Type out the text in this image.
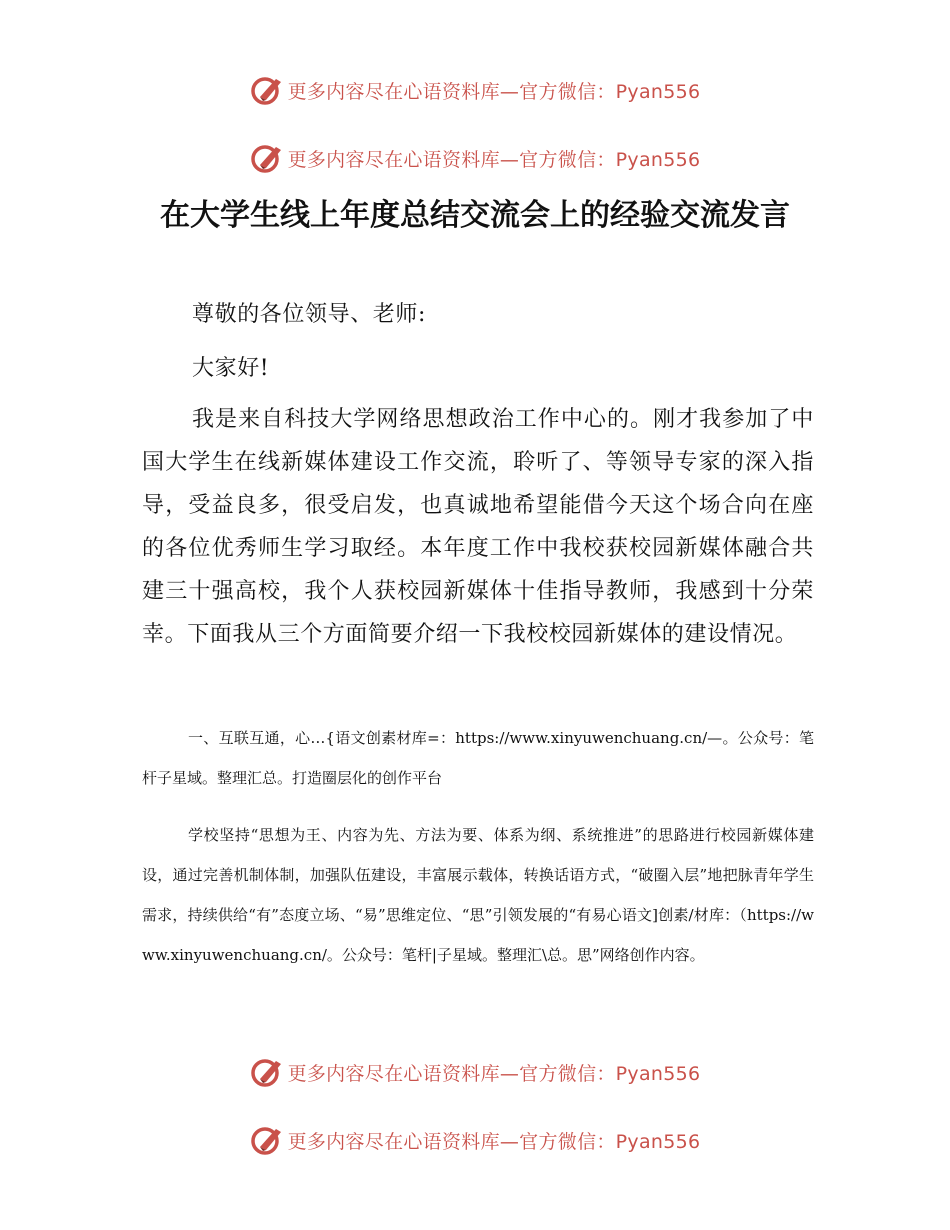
更多内容尽在心语资料库—官方微信：Pyan556
更多内容尽在心语资料库—官方微信：Pyan556
在大学生线上年度总结交流会上的经验交流发言

尊敬的各位领导、老师:

大家好!

我是来自科技大学网络思想政治工作中心的。刚才我参加了中国大学生在线新媒体建设工作交流，聆听了、等领导专家的深入指导，受益良多，很受启发，也真诚地希望能借今天这个场合向在座的各位优秀师生学习取经。本年度工作中我校获校园新媒体融合共建三十强高校，我个人获校园新媒体十佳指导教师，我感到十分荣幸。下面我从三个方面简要介绍一下我校校园新媒体的建设情况。

一、互联互通，心…{语文创素材库=：https://www.xinyuwenchuang.cn/—。公众号：笔杆子星域。整理汇总。打造圈层化的创作平台

学校坚持“思想为王、内容为先、方法为要、体系为纲、系统推进”的思路进行校园新媒体建设，通过完善机制体制，加强队伍建设，丰富展示载体，转换话语方式，“破圈入层”地把脉青年学生需求，持续供给“有”态度立场、“易”思维定位、“思”引领发展的“有易心语文]创素/材库：（https://www.xinyuwenchuang.cn/。公众号：笔杆|子星域。整理汇\总。思”网络创作内容。

更多内容尽在心语资料库—官方微信：Pyan556
更多内容尽在心语资料库—官方微信：Pyan556
